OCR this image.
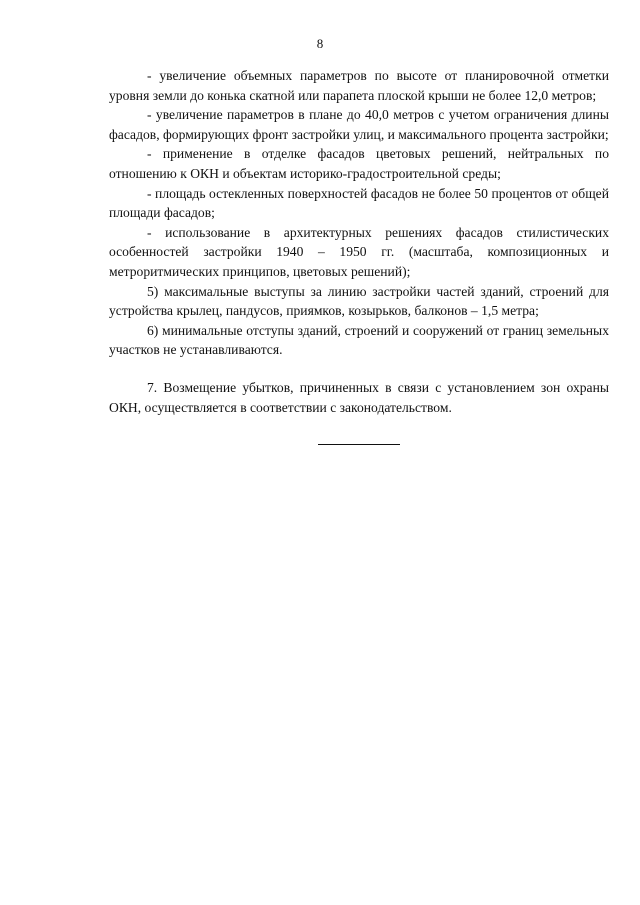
8

- увеличение объемных параметров по высоте от планировочной отметки уровня земли до конька скатной или парапета плоской крыши не более 12,0 метров;

- увеличение параметров в плане до 40,0 метров с учетом ограничения длины фасадов, формирующих фронт застройки улиц, и максимального процента застройки;

- применение в отделке фасадов цветовых решений, нейтральных по отношению к ОКН и объектам историко-градостроительной среды;

- площадь остекленных поверхностей фасадов не более 50 процентов от общей площади фасадов;

- использование в архитектурных решениях фасадов стилистических особенностей застройки 1940 – 1950 гг. (масштаба, композиционных и метроритмических принципов, цветовых решений);

5) максимальные выступы за линию застройки частей зданий, строений для устройства крылец, пандусов, приямков, козырьков, балконов – 1,5 метра;

6) минимальные отступы зданий, строений и сооружений от границ земельных участков не устанавливаются.

7. Возмещение убытков, причиненных в связи с установлением зон охраны ОКН, осуществляется в соответствии с законодательством.
